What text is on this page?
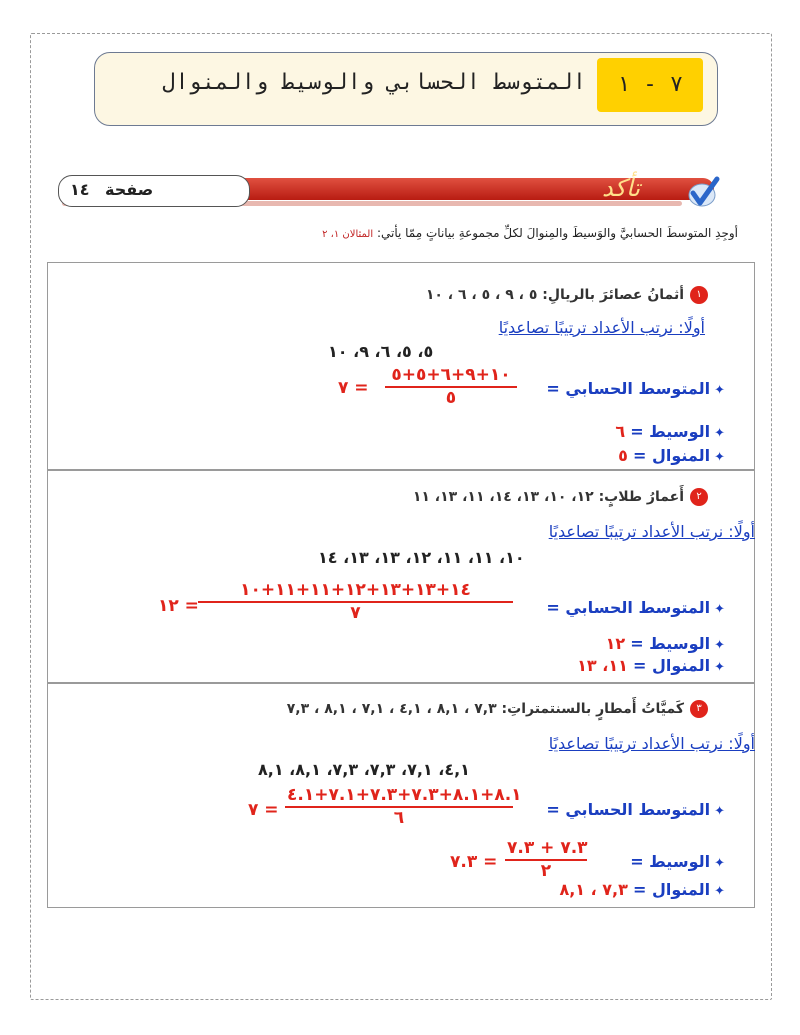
٧ - ١
المتوسط الحسابي والوسيط والمنوال
صفحة
١٤	تأكد
أوجِدِ المتوسطَ الحسابيَّ والوَسيطَ والمِنوالَ لكلِّ مجموعةِ بياناتٍ مِمّا يأتي: المثالان ١، ٢
١أثمانُ عصائرَ بالريالِ: ٥ ، ٩ ، ٥ ، ٦ ، ١٠
أولًا: نرتب الأعداد ترتيبًا تصاعديًا
٥، ٥، ٦، ٩، ١٠
✦المتوسط الحسابي =
١٠+٩+٦+٥+٥
٥
٧ =
✦الوسيط = ٦
✦المنوال = ٥
٢أَعمارُ طلابٍ: ١٢، ١٠، ١٣، ١٤، ١١، ١٣، ١١
أولًا: نرتب الأعداد ترتيبًا تصاعديًا
١٠، ١١، ١١، ١٢، ١٣، ١٣، ١٤
✦المتوسط الحسابي =
١٤+١٣+١٣+١٢+١١+١١+١٠
٧
١٢ =
✦الوسيط = ١٢
✦المنوال = ١١، ١٣
٣كَميَّاتُ أَمطارٍ بالسنتمتراتِ: ٧,٣ ، ٨,١ ، ٤,١ ، ٧,١ ، ٨,١ ، ٧,٣
أولًا: نرتب الأعداد ترتيبًا تصاعديًا
٤,١، ٧,١، ٧,٣، ٧,٣، ٨,١، ٨,١
✦المتوسط الحسابي =
٨.١+٨.١+٧.٣+٧.٣+٧.١+٤.١
٦
٧ =
✦الوسيط =
٧.٣ + ٧.٣
٢
٧.٣ =
✦المنوال = ٧,٣ ، ٨,١
